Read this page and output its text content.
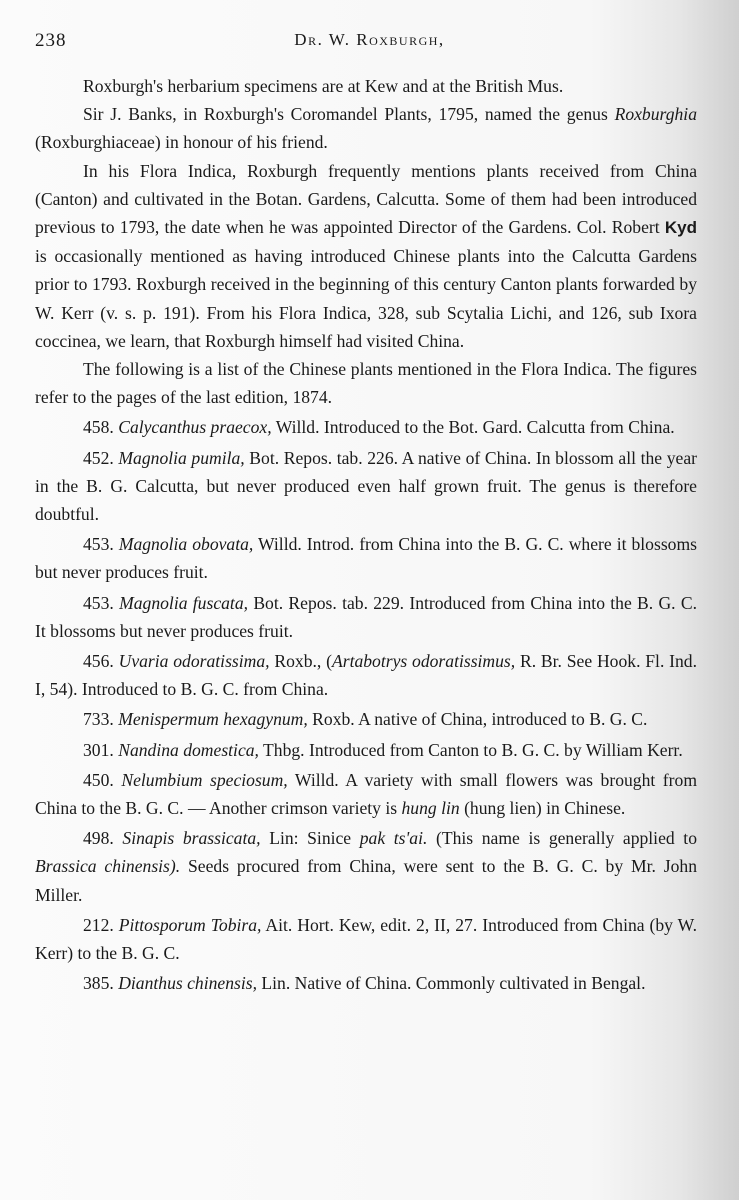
238	Dr. W. Roxburgh,

Roxburgh's herbarium specimens are at Kew and at the British Mus.

Sir J. Banks, in Roxburgh's Coromandel Plants, 1795, named the genus Roxburghia (Roxburghiaceae) in honour of his friend.

In his Flora Indica, Roxburgh frequently mentions plants received from China (Canton) and cultivated in the Botan. Gardens, Calcutta. Some of them had been introduced previous to 1793, the date when he was appointed Director of the Gardens. Col. Robert Kyd is occasionally mentioned as having introduced Chinese plants into the Calcutta Gardens prior to 1793. Roxburgh received in the beginning of this century Canton plants forwarded by W. Kerr (v. s. p. 191). From his Flora Indica, 328, sub Scytalia Lichi, and 126, sub Ixora coccinea, we learn, that Roxburgh himself had visited China.

The following is a list of the Chinese plants mentioned in the Flora Indica. The figures refer to the pages of the last edition, 1874.

458. Calycanthus praecox, Willd. Introduced to the Bot. Gard. Calcutta from China.

452. Magnolia pumila, Bot. Repos. tab. 226. A native of China. In blossom all the year in the B. G. Calcutta, but never produced even half grown fruit. The genus is therefore doubtful.

453. Magnolia obovata, Willd. Introd. from China into the B. G. C. where it blossoms but never produces fruit.

453. Magnolia fuscata, Bot. Repos. tab. 229. Introduced from China into the B. G. C. It blossoms but never produces fruit.

456. Uvaria odoratissima, Roxb., (Artabotrys odoratissimus, R. Br. See Hook. Fl. Ind. I, 54). Introduced to B. G. C. from China.

733. Menispermum hexagynum, Roxb. A native of China, introduced to B. G. C.

301. Nandina domestica, Thbg. Introduced from Canton to B. G. C. by William Kerr.

450. Nelumbium speciosum, Willd. A variety with small flowers was brought from China to the B. G. C. — Another crimson variety is hung lin (hung lien) in Chinese.

498. Sinapis brassicata, Lin: Sinice pak ts'ai. (This name is generally applied to Brassica chinensis). Seeds procured from China, were sent to the B. G. C. by Mr. John Miller.

212. Pittosporum Tobira, Ait. Hort. Kew, edit. 2, II, 27. Introduced from China (by W. Kerr) to the B. G. C.

385. Dianthus chinensis, Lin. Native of China. Commonly cultivated in Bengal.
